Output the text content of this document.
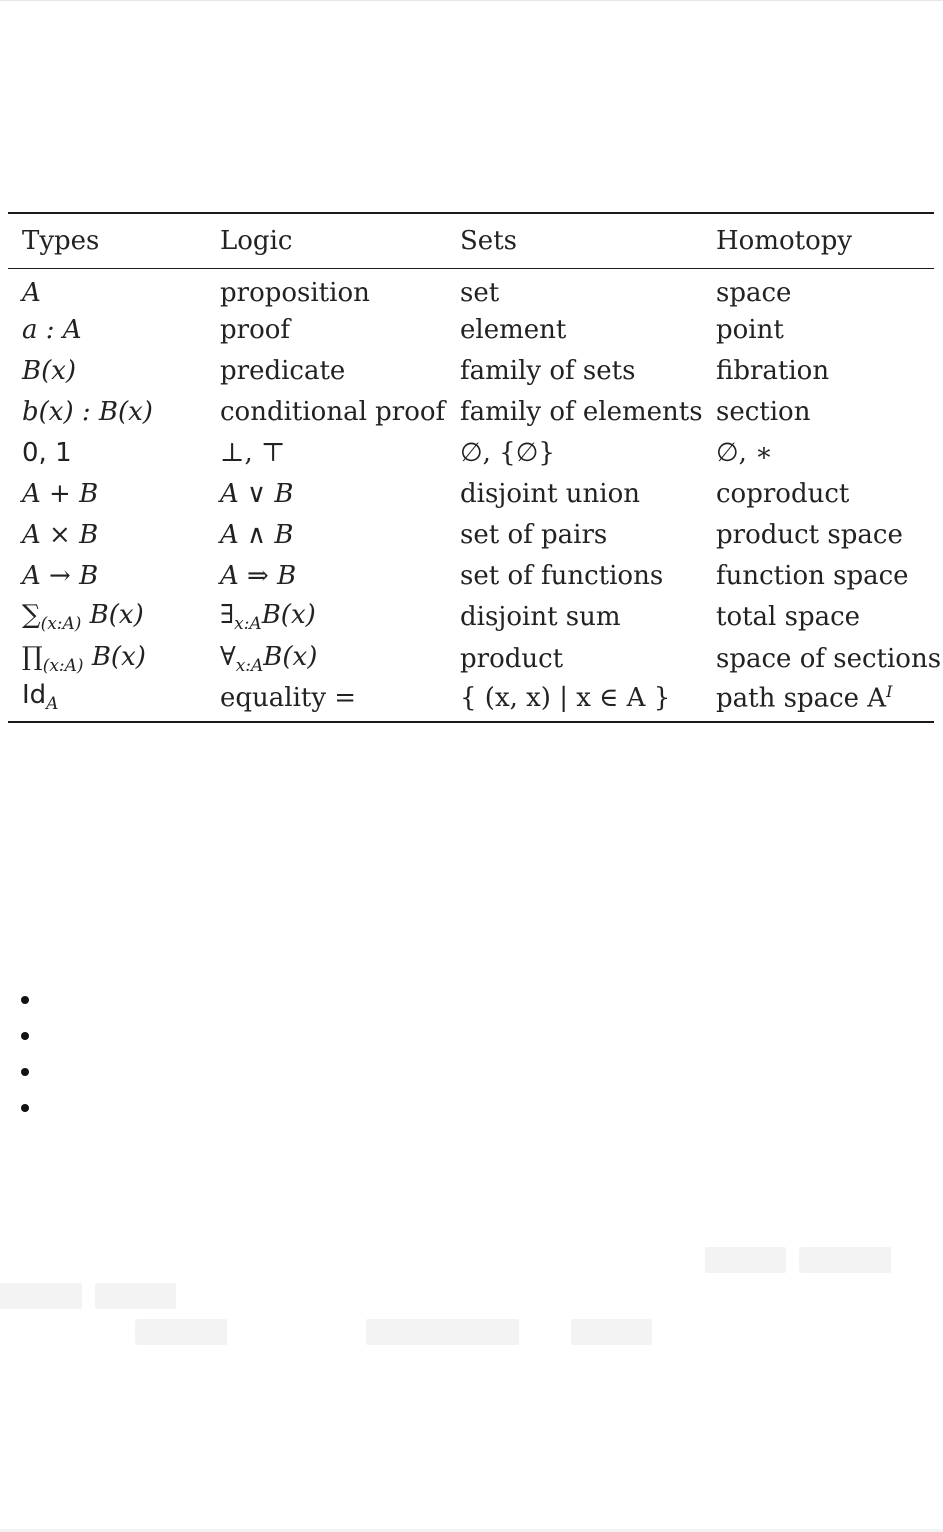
Types	Logic	Sets	Homotopy
A	proposition	set	space
a : A	proof	element	point
B(x)	predicate	family of sets	fibration
b(x) : B(x)	conditional proof	family of elements	section
0, 1	⊥, ⊤	∅, {∅}	∅, ∗
A + B	A ∨ B	disjoint union	coproduct
A × B	A ∧ B	set of pairs	product space
A → B	A ⇒ B	set of functions	function space
$\sum_{(x:A)}$ B(x)	$\exists_{x:A}B(x)$	disjoint sum	total space
$\prod_{(x:A)}$ B(x)	$\forall_{x:A}B(x)$	product	space of sections
$Id_A$	equality =	{ (x, x) | x ∈ A }	path space $A^I$
